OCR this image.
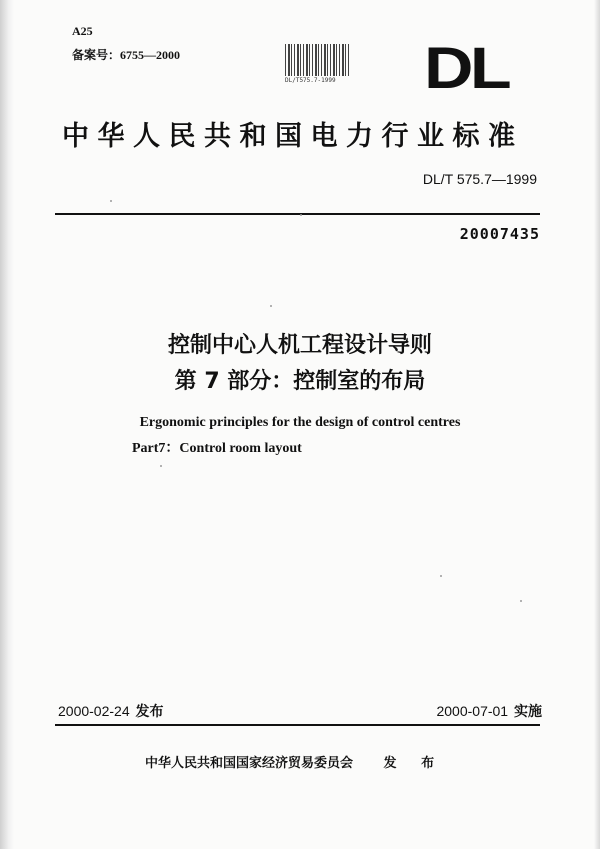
A25
备案号：6755—2000
DL/T575.7-1999 DL
中华人民共和国电力行业标准
DL/T 575.7—1999
20007435
控制中心人机工程设计导则
第 7 部分：控制室的布局
Ergonomic principles for the design of control centres
Part7：Control room layout
2000-02-24 发布	2000-07-01 实施
中华人民共和国国家经济贸易委员会 发 布
